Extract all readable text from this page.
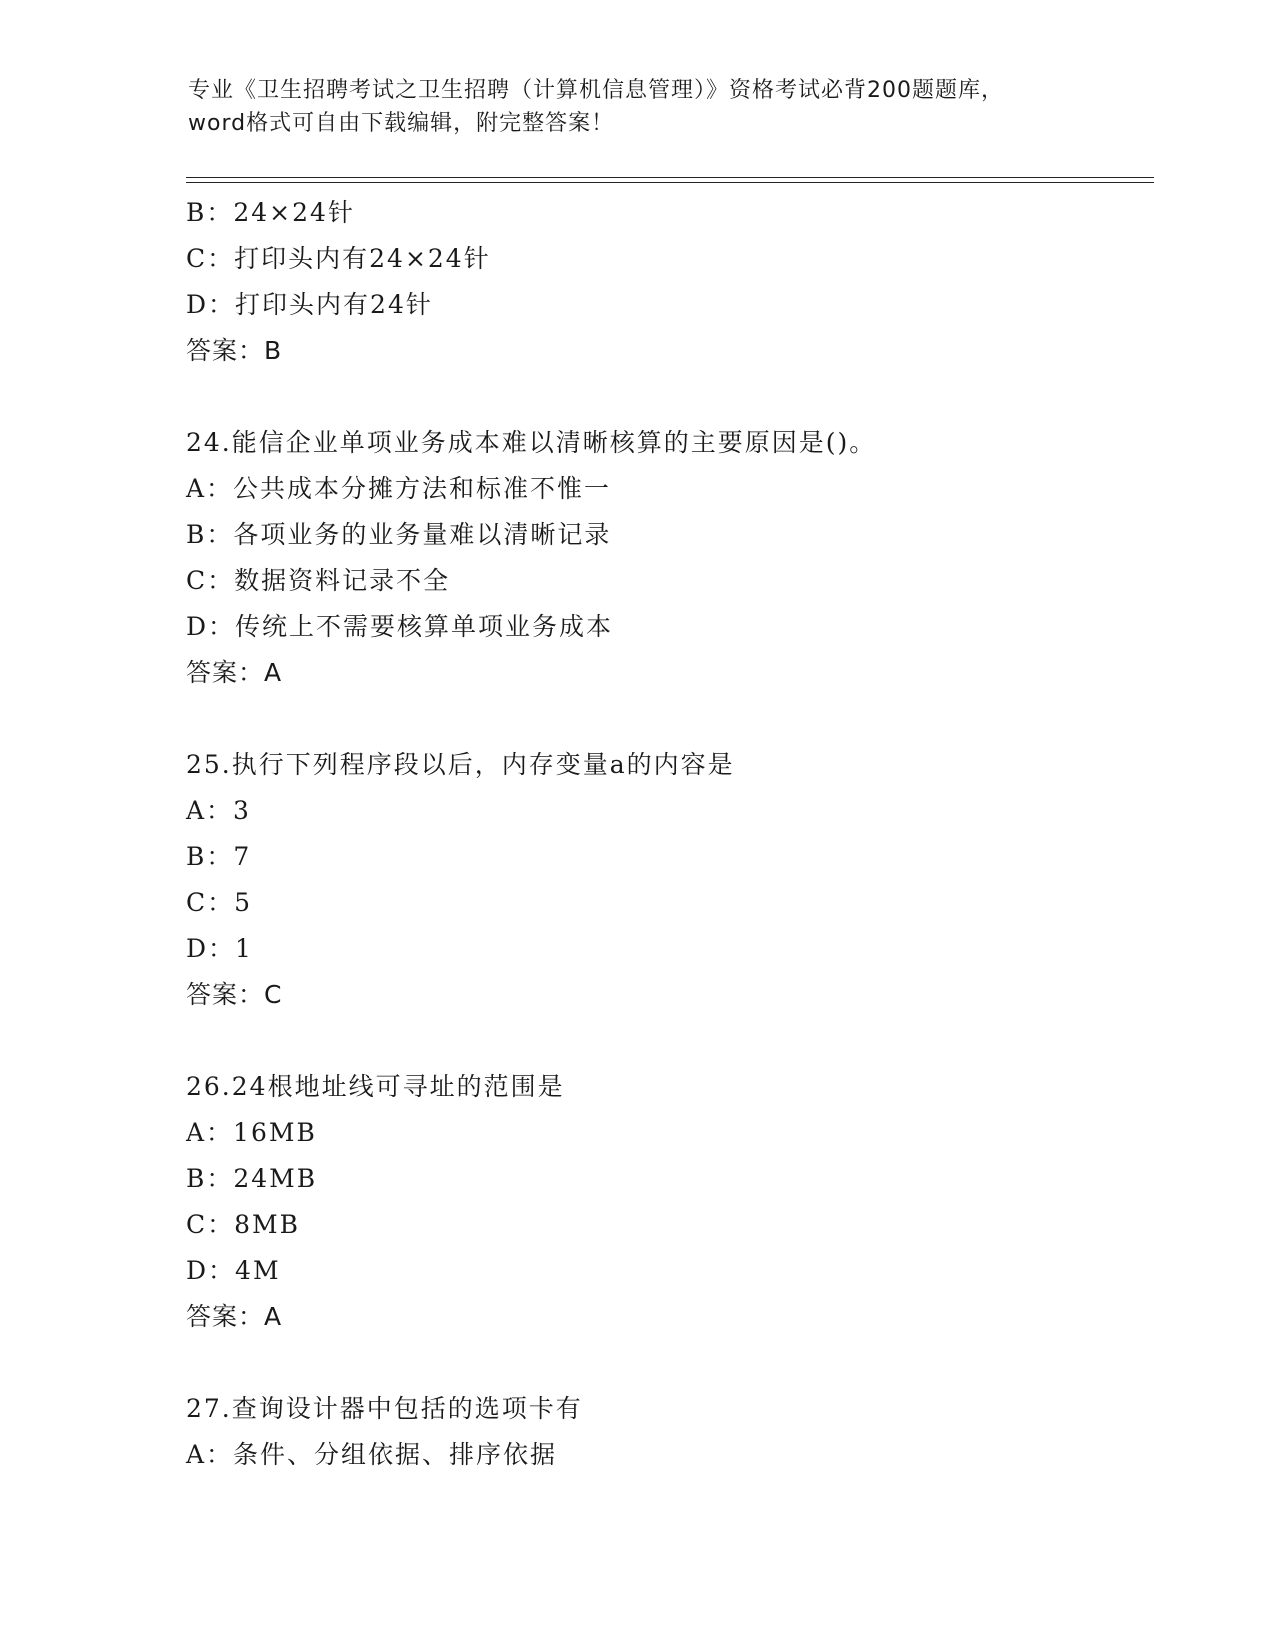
专业《卫生招聘考试之卫生招聘（计算机信息管理）》资格考试必背200题题库，
word格式可自由下载编辑，附完整答案！
B：24×24针
C：打印头内有24×24针
D：打印头内有24针
答案：B
24.能信企业单项业务成本难以清晰核算的主要原因是()。
A：公共成本分摊方法和标准不惟一
B：各项业务的业务量难以清晰记录
C：数据资料记录不全
D：传统上不需要核算单项业务成本
答案：A
25.执行下列程序段以后，内存变量a的内容是
A：3
B：7
C：5
D：1
答案：C
26.24根地址线可寻址的范围是
A：16MB
B：24MB
C：8MB
D：4M
答案：A
27.查询设计器中包括的选项卡有
A：条件、分组依据、排序依据
